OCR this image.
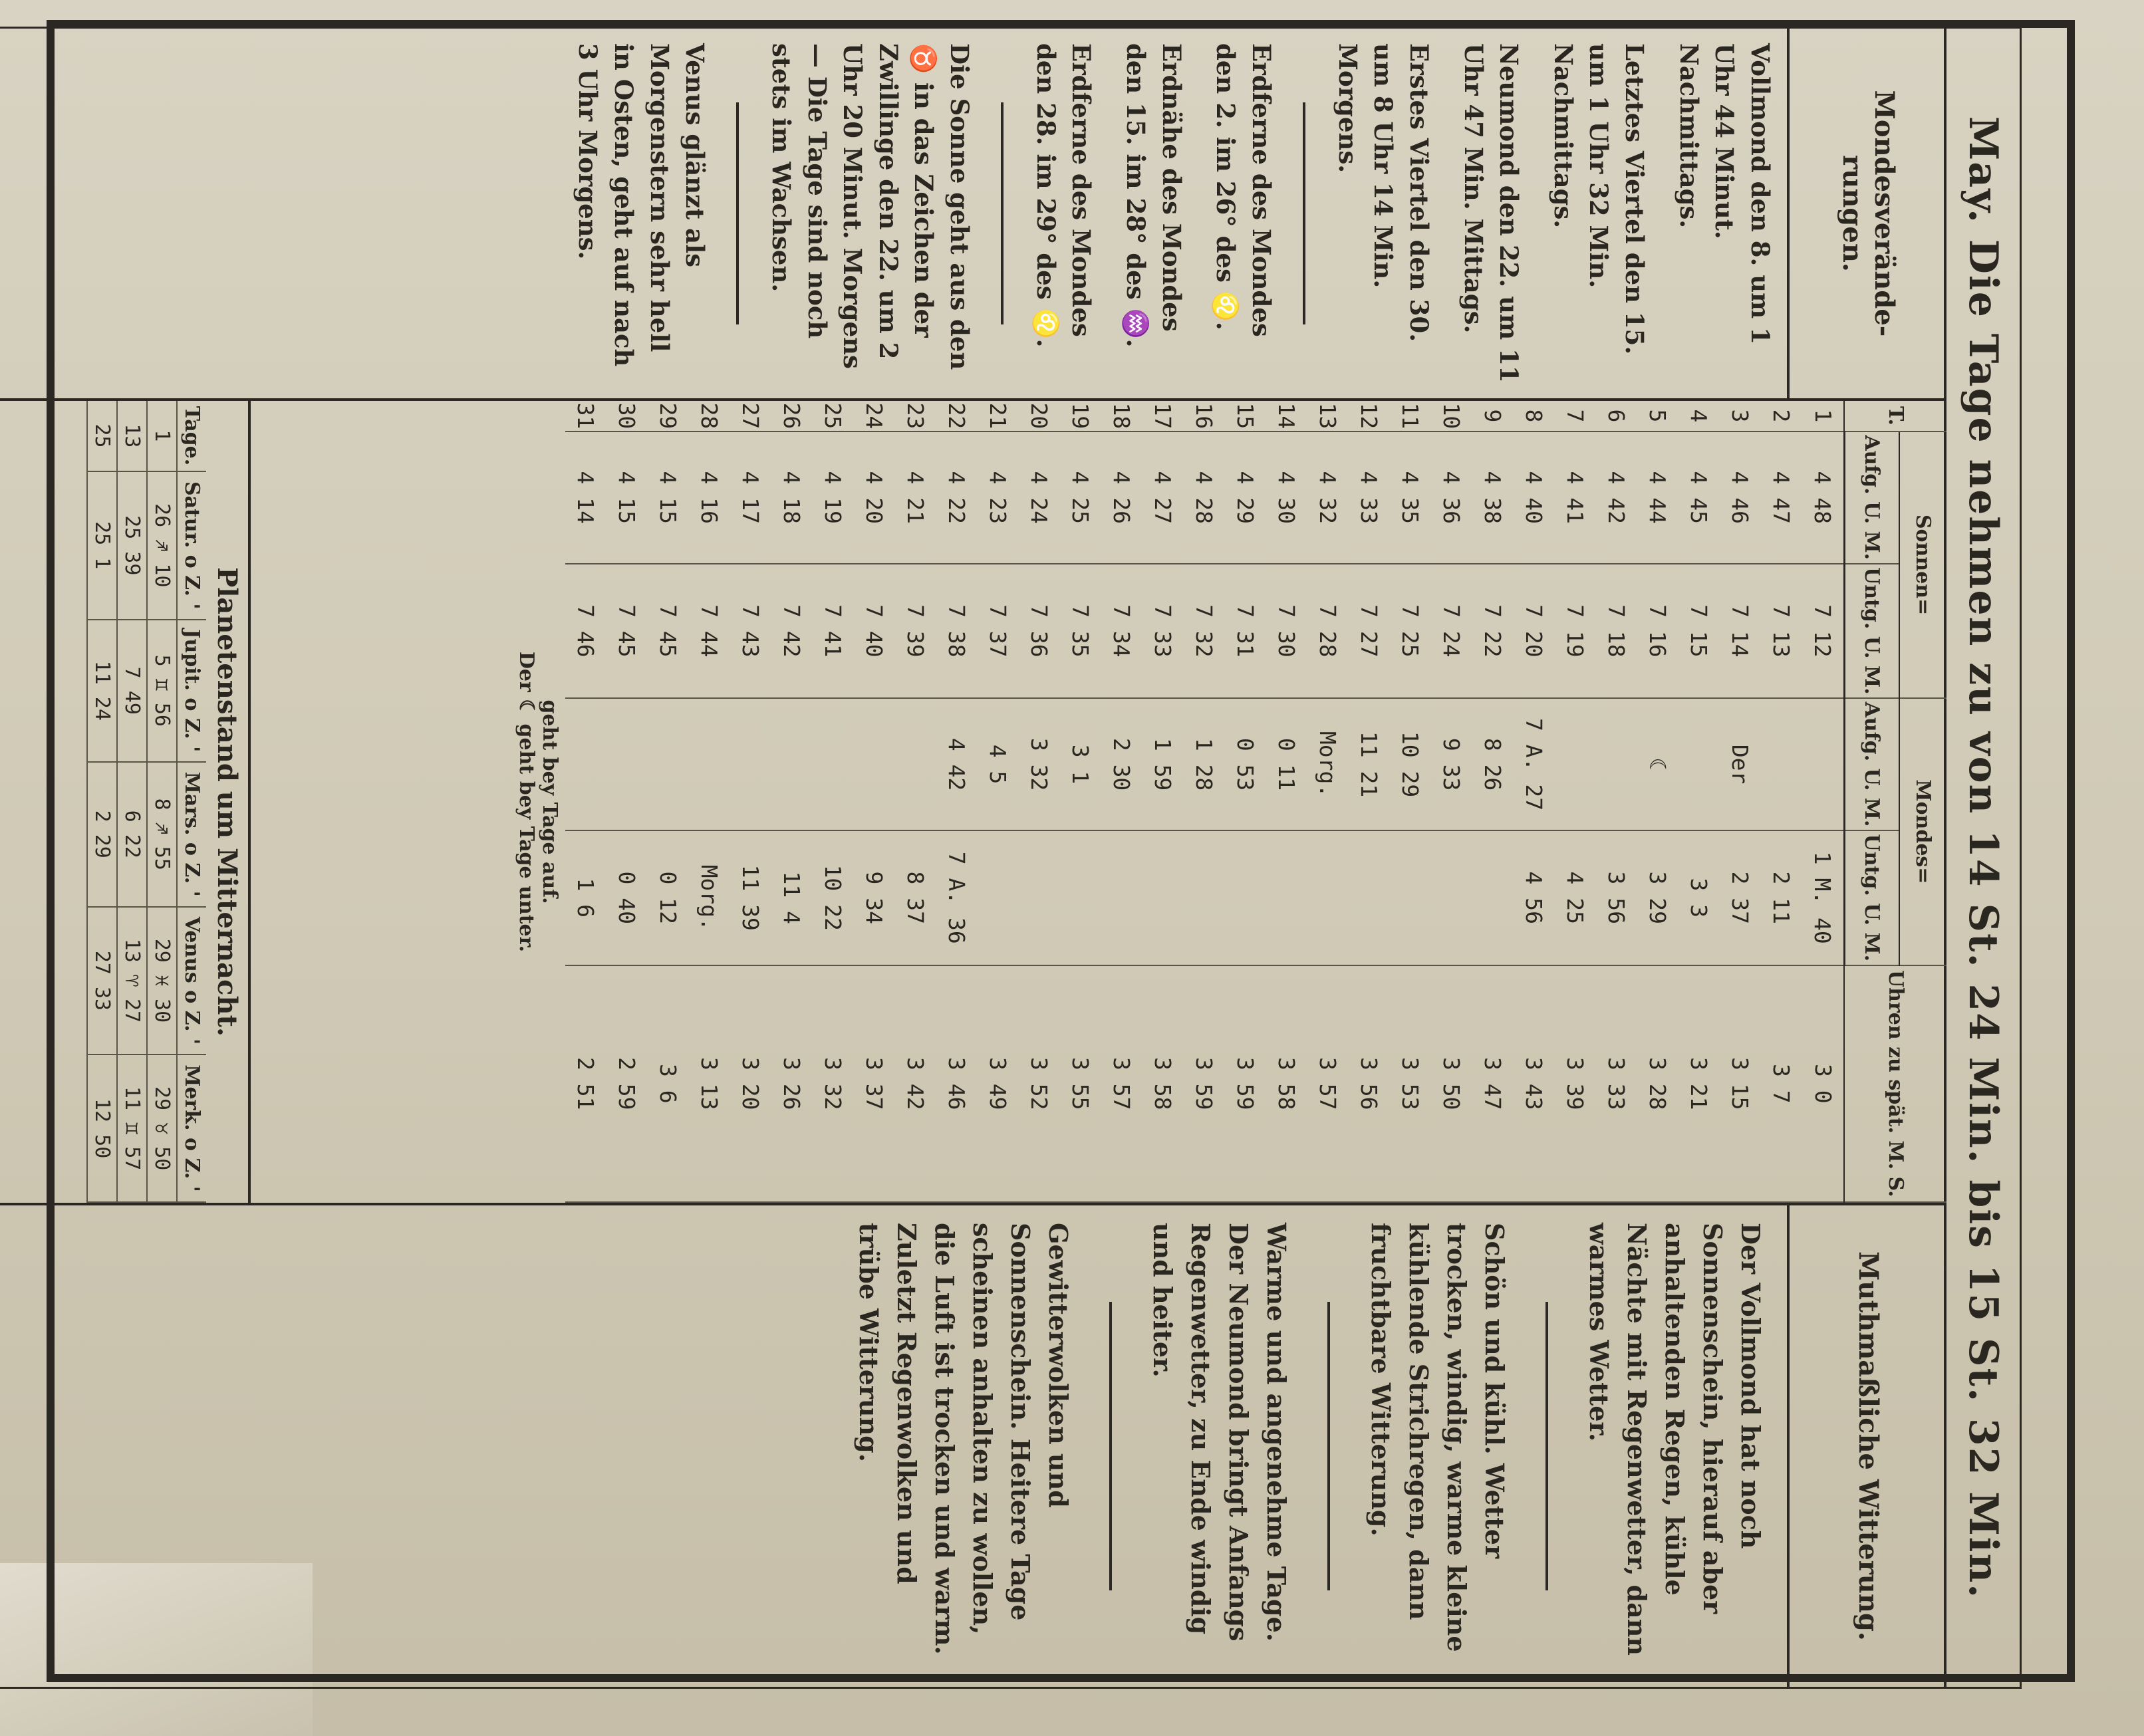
May. Die Tage nehmen zu von 14 St. 24 Min. bis 15 St. 32 Min.
Mondesverände-rungen.
Vollmond den 8. um 1 Uhr 44 Minut. Nachmittags.
Letztes Viertel den 15. um 1 Uhr 32 Min. Nachmittags.
Neumond den 22. um 11 Uhr 47 Min. Mittags.
Erstes Viertel den 30. um 8 Uhr 14 Min. Morgens.
Erdferne des Mondes den 2. im 26° des ♌.
Erdnähe des Mondes den 15. im 28° des ♒.
Erdferne des Mondes den 28. im 29° des ♌.
Die Sonne geht aus den ♉ in das Zeichen der Zwillinge den 22. um 2 Uhr 20 Minut. Morgens — Die Tage sind noch stets im Wachsen.
Venus glänzt als Morgenstern sehr hell in Osten, geht auf nach 3 Uhr Morgens.
T.	Sonnen=		Mondes=		Uhren zu spät. M. S.
	Aufg. U. M.	Untg. U. M.	Aufg. U. M.	Untg. U. M.	
1	4 48	7 12		1 M. 40	3 0
2	4 47	7 13		2 11	3 7
3	4 46	7 14	Der	2 37	3 15
4	4 45	7 15		3 3	3 21
5	4 44	7 16	☾	3 29	3 28
6	4 42	7 18		3 56	3 33
7	4 41	7 19		4 25	3 39
8	4 40	7 20	7 A. 27	4 56	3 43
9	4 38	7 22	8 26		3 47
10	4 36	7 24	9 33		3 50
11	4 35	7 25	10 29		3 53
12	4 33	7 27	11 21		3 56
13	4 32	7 28	Morg.		3 57
14	4 30	7 30	0 11		3 58
15	4 29	7 31	0 53		3 59
16	4 28	7 32	1 28		3 59
17	4 27	7 33	1 59		3 58
18	4 26	7 34	2 30		3 57
19	4 25	7 35	3 1		3 55
20	4 24	7 36	3 32		3 52
21	4 23	7 37	4 5		3 49
22	4 22	7 38	4 42	7 A. 36	3 46
23	4 21	7 39		8 37	3 42
24	4 20	7 40		9 34	3 37
25	4 19	7 41		10 22	3 32
26	4 18	7 42		11 4	3 26
27	4 17	7 43		11 39	3 20
28	4 16	7 44		Morg.	3 13
29	4 15	7 45		0 12	3 6
30	4 15	7 45		0 40	2 59
31	4 14	7 46		1 6	2 51
geht bey Tage auf.
Der ☾ geht bey Tage unter.
Planetenstand um Mitternacht.
Tage.	Satur. o Z. '	Jupit. o Z. '	Mars. o Z. '	Venus o Z. '	Merk. o Z. '
1	26 ♐ 10	5 ♊ 56	8 ♐ 55	29 ♓ 30	29 ♉ 50
13	25 39	7 49	6 22	13 ♈ 27	11 ♊ 57
25	25 1	11 24	2 29	27 33	12 50
Muthmaßliche Witterung.
Der Vollmond hat noch Sonnenschein, hierauf aber anhaltenden Regen, kühle Nächte mit Regenwetter, dann warmes Wetter.
Schön und kühl. Wetter trocken, windig, warme kleine kühlende Strichregen, dann fruchtbare Witterung.
Warme und angenehme Tage. Der Neumond bringt Anfangs Regenwetter, zu Ende windig und heiter.
Gewitterwolken und Sonnenschein. Heitere Tage scheinen anhalten zu wollen, die Luft ist trocken und warm. Zuletzt Regenwolken und trübe Witterung.
